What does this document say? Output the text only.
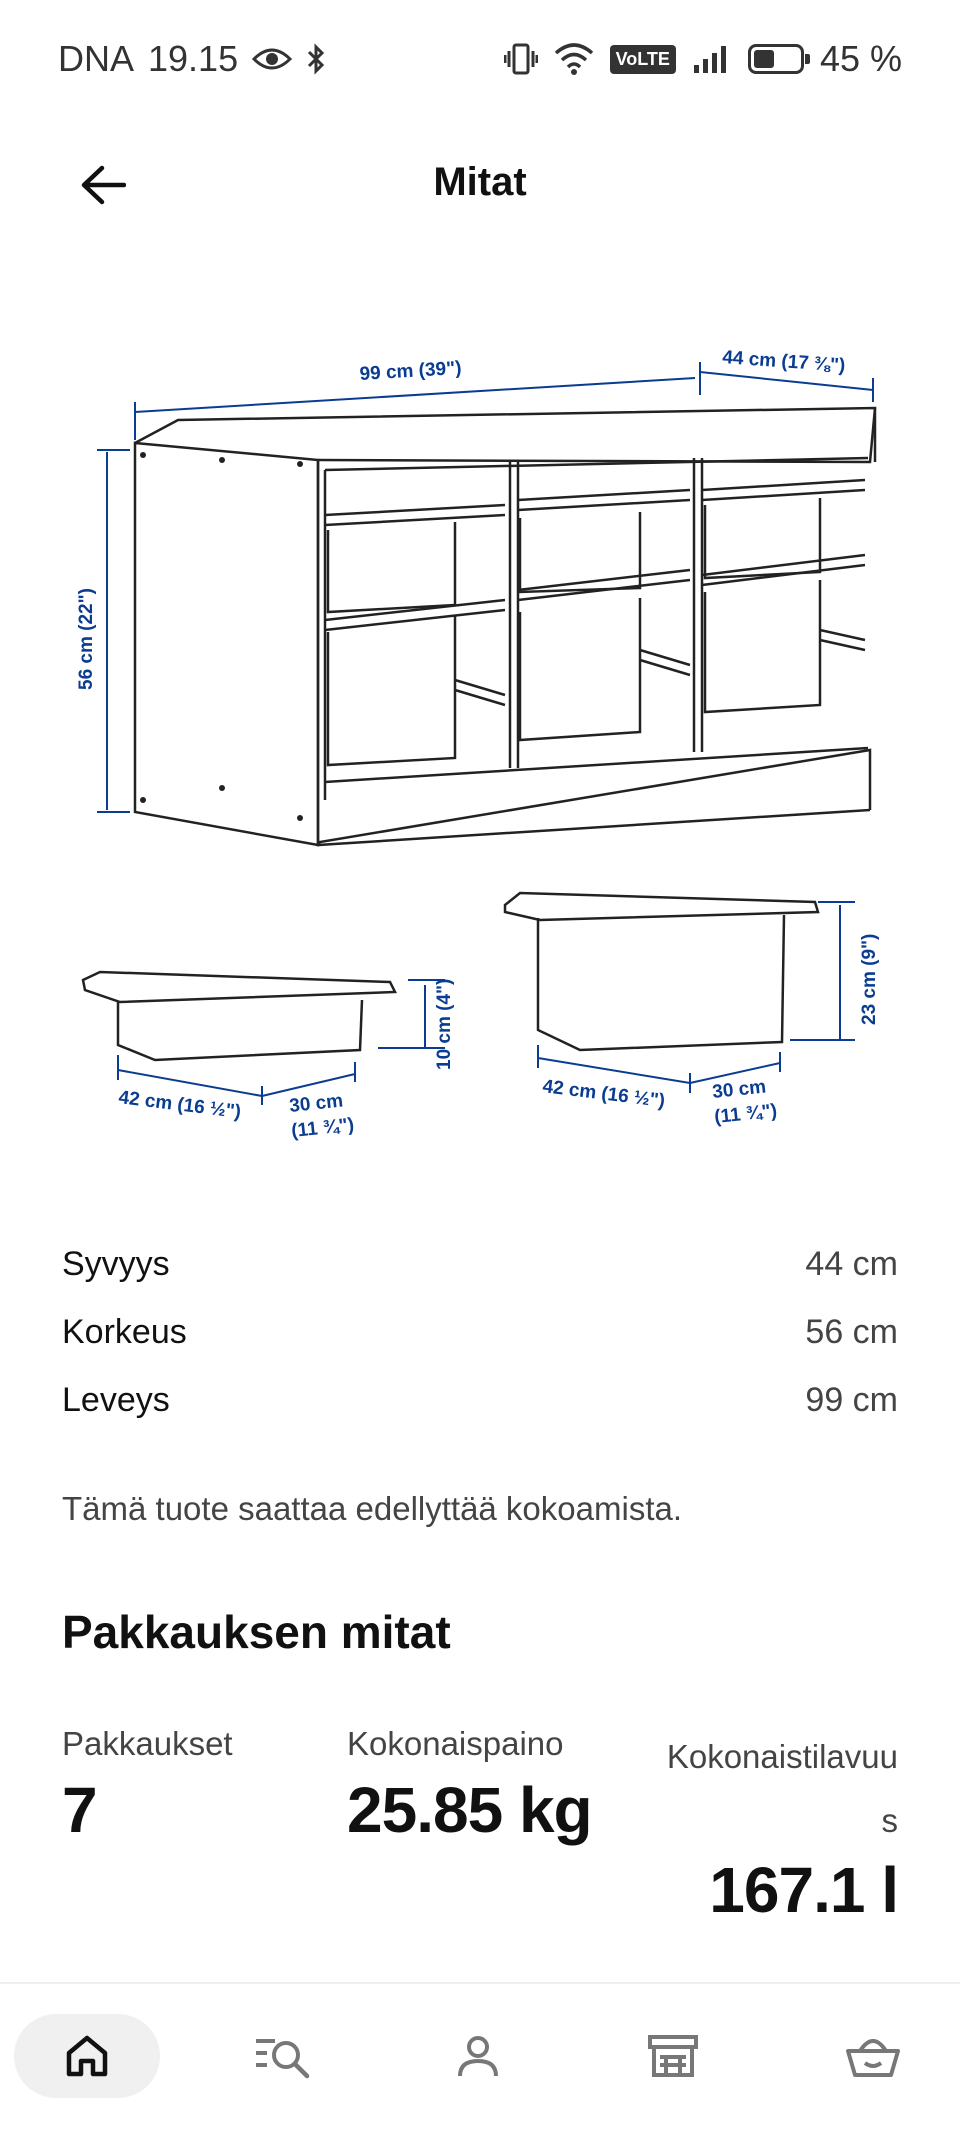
DNA 19.15	VoLTE	45 %
Mitat
99 cm (39")	44 cm (17 ⅜")
56 cm (22")
10 cm (4")
42 cm (16 ½") 30 cm
(11 ¾")
23 cm (9")
42 cm (16 ½") 30 cm
(11 ¾")
Syvyys	44 cm
Korkeus	56 cm
Leveys	99 cm
Tämä tuote saattaa edellyttää kokoamista.
Pakkauksen mitat
Pakkaukset
7
Kokonaispaino
25.85 kg
Kokonaistilavuu
s
167.1 l
